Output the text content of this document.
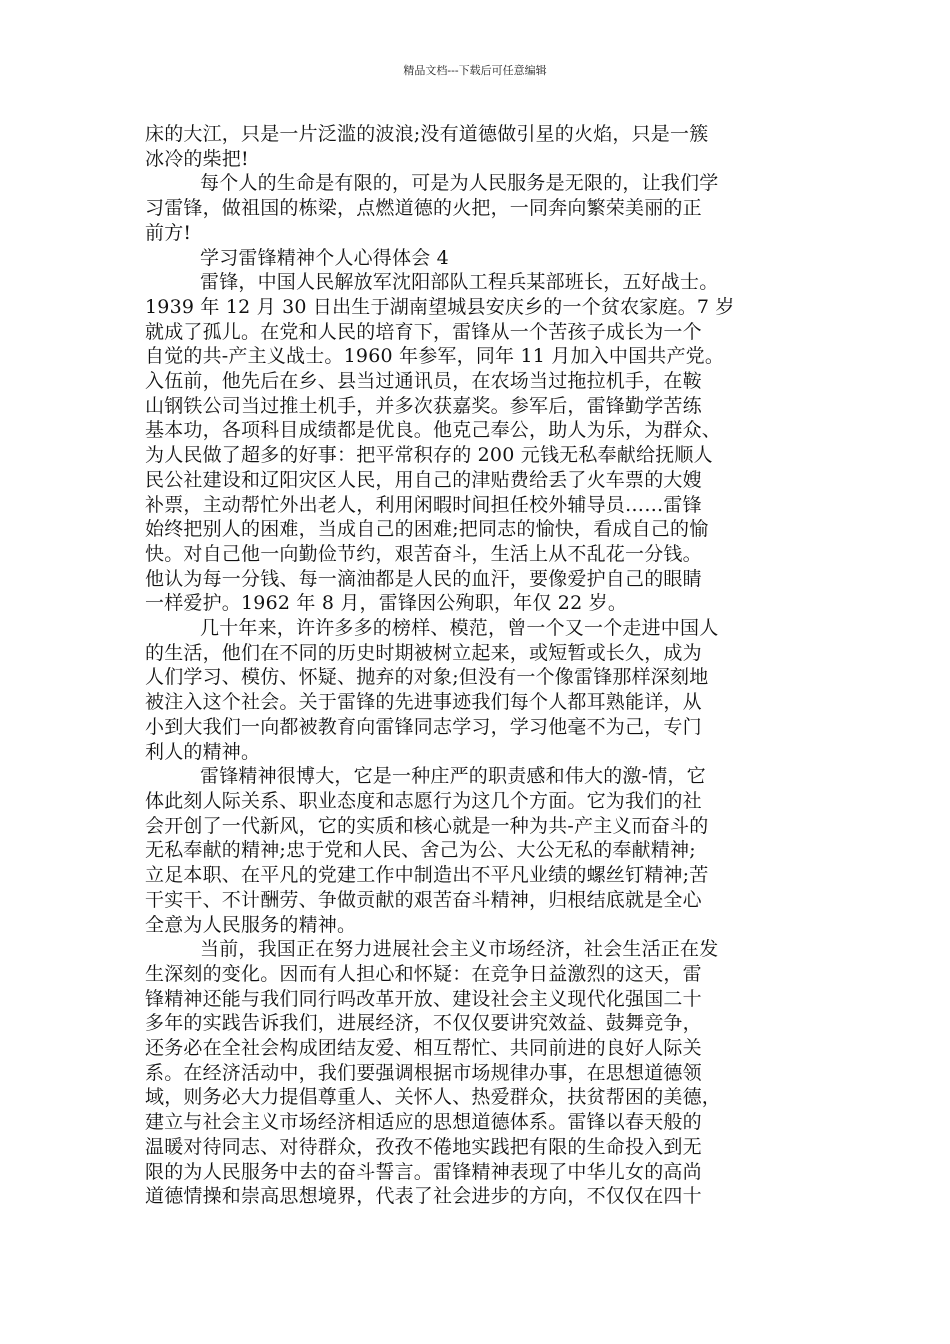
精品文档---下载后可任意编辑
床的大江，只是一片泛滥的波浪;没有道德做引星的火焰，只是一簇
冰冷的柴把!
每个人的生命是有限的，可是为人民服务是无限的，让我们学
习雷锋，做祖国的栋梁，点燃道德的火把，一同奔向繁荣美丽的正
前方!
学习雷锋精神个人心得体会 4
雷锋，中国人民解放军沈阳部队工程兵某部班长，五好战士。
1939 年 12 月 30 日出生于湖南望城县安庆乡的一个贫农家庭。7 岁
就成了孤儿。在党和人民的培育下，雷锋从一个苦孩子成长为一个
自觉的共-产主义战士。1960 年参军，同年 11 月加入中国共产党。
入伍前，他先后在乡、县当过通讯员，在农场当过拖拉机手，在鞍
山钢铁公司当过推土机手，并多次获嘉奖。参军后，雷锋勤学苦练
基本功，各项科目成绩都是优良。他克己奉公，助人为乐，为群众、
为人民做了超多的好事：把平常积存的 200 元钱无私奉献给抚顺人
民公社建设和辽阳灾区人民，用自己的津贴费给丢了火车票的大嫂
补票，主动帮忙外出老人，利用闲暇时间担任校外辅导员……雷锋
始终把别人的困难，当成自己的困难;把同志的愉快，看成自己的愉
快。对自己他一向勤俭节约，艰苦奋斗，生活上从不乱花一分钱。
他认为每一分钱、每一滴油都是人民的血汗，要像爱护自己的眼睛
一样爱护。1962 年 8 月，雷锋因公殉职，年仅 22 岁。
几十年来，许许多多的榜样、模范，曾一个又一个走进中国人
的生活，他们在不同的历史时期被树立起来，或短暂或长久，成为
人们学习、模仿、怀疑、抛弃的对象;但没有一个像雷锋那样深刻地
被注入这个社会。关于雷锋的先进事迹我们每个人都耳熟能详，从
小到大我们一向都被教育向雷锋同志学习，学习他毫不为己，专门
利人的精神。
雷锋精神很博大，它是一种庄严的职责感和伟大的激-情，它
体此刻人际关系、职业态度和志愿行为这几个方面。它为我们的社
会开创了一代新风，它的实质和核心就是一种为共-产主义而奋斗的
无私奉献的精神;忠于党和人民、舍己为公、大公无私的奉献精神;
立足本职、在平凡的党建工作中制造出不平凡业绩的螺丝钉精神;苦
干实干、不计酬劳、争做贡献的艰苦奋斗精神，归根结底就是全心
全意为人民服务的精神。
当前，我国正在努力进展社会主义市场经济，社会生活正在发
生深刻的变化。因而有人担心和怀疑：在竞争日益激烈的这天，雷
锋精神还能与我们同行吗改革开放、建设社会主义现代化强国二十
多年的实践告诉我们，进展经济，不仅仅要讲究效益、鼓舞竞争，
还务必在全社会构成团结友爱、相互帮忙、共同前进的良好人际关
系。在经济活动中，我们要强调根据市场规律办事，在思想道德领
域，则务必大力提倡尊重人、关怀人、热爱群众，扶贫帮困的美德，
建立与社会主义市场经济相适应的思想道德体系。雷锋以春天般的
温暖对待同志、对待群众，孜孜不倦地实践把有限的生命投入到无
限的为人民服务中去的奋斗誓言。雷锋精神表现了中华儿女的高尚
道德情操和崇高思想境界，代表了社会进步的方向，不仅仅在四十
